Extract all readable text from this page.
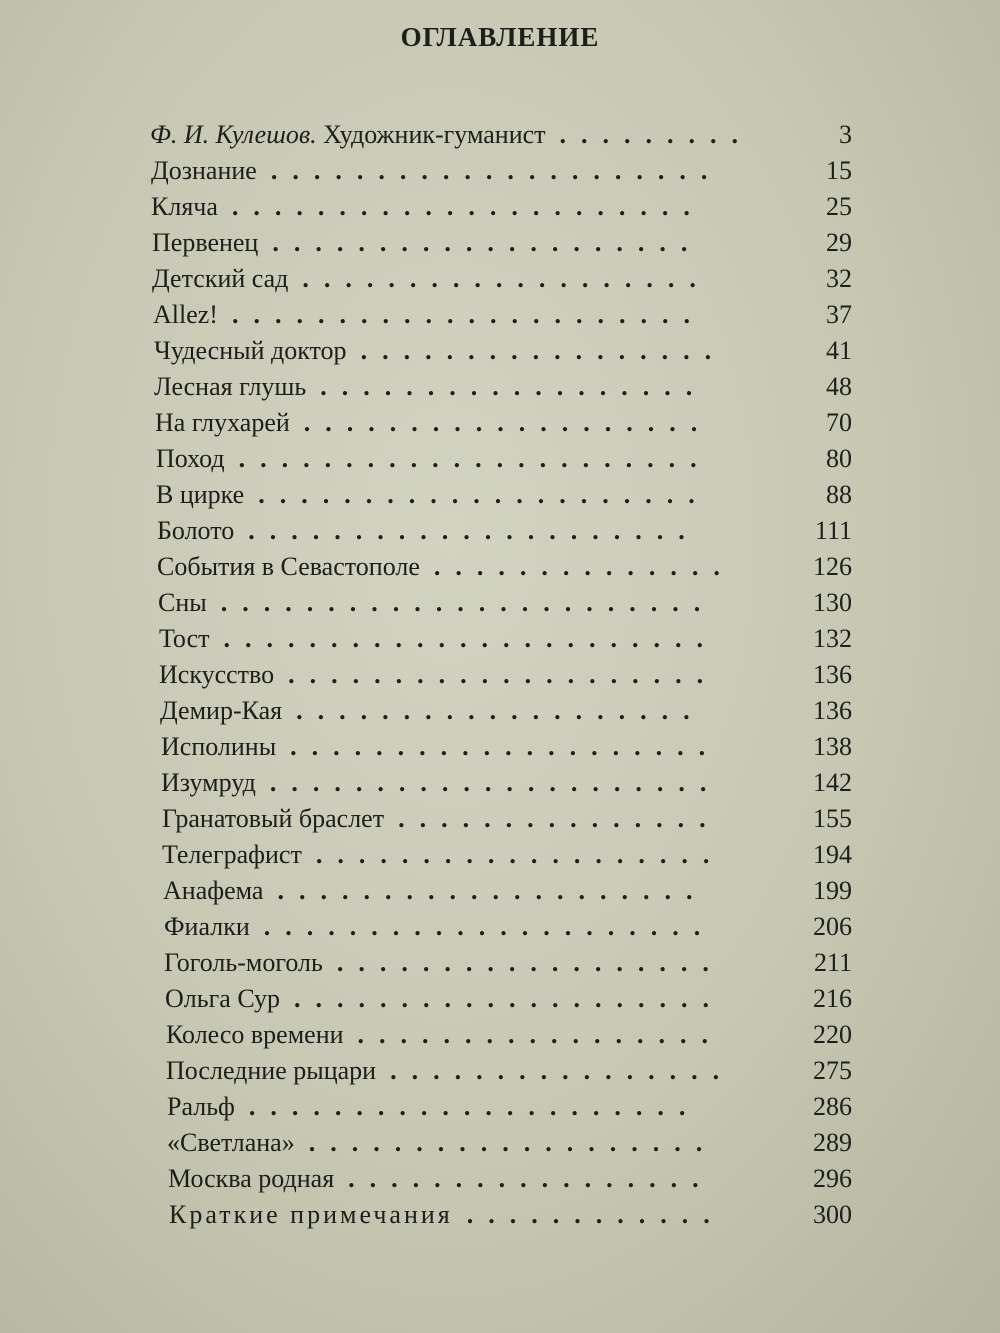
ОГЛАВЛЕНИЕ
Ф. И. Кулешов. Художник-гуманист .........	3
Дознание .....................	15
Кляча ......................	25
Первенец ....................	29
Детский сад ...................	32
Allez! ......................	37
Чудесный доктор .................	41
Лесная глушь ..................	48
На глухарей ...................	70
Поход ......................	80
В цирке .....................	88
Болото .....................	111
События в Севастополе ..............	126
Сны .......................	130
Тост .......................	132
Искусство ....................	136
Демир-Кая ...................	136
Исполины ....................	138
Изумруд .....................	142
Гранатовый браслет ...............	155
Телеграфист ...................	194
Анафема ....................	199
Фиалки .....................	206
Гоголь-моголь ..................	211
Ольга Сур ....................	216
Колесо времени .................	220
Последние рыцари ................	275
Ральф .....................	286
«Светлана» ...................	289
Москва родная .................	296
Краткие примечания ............	300
